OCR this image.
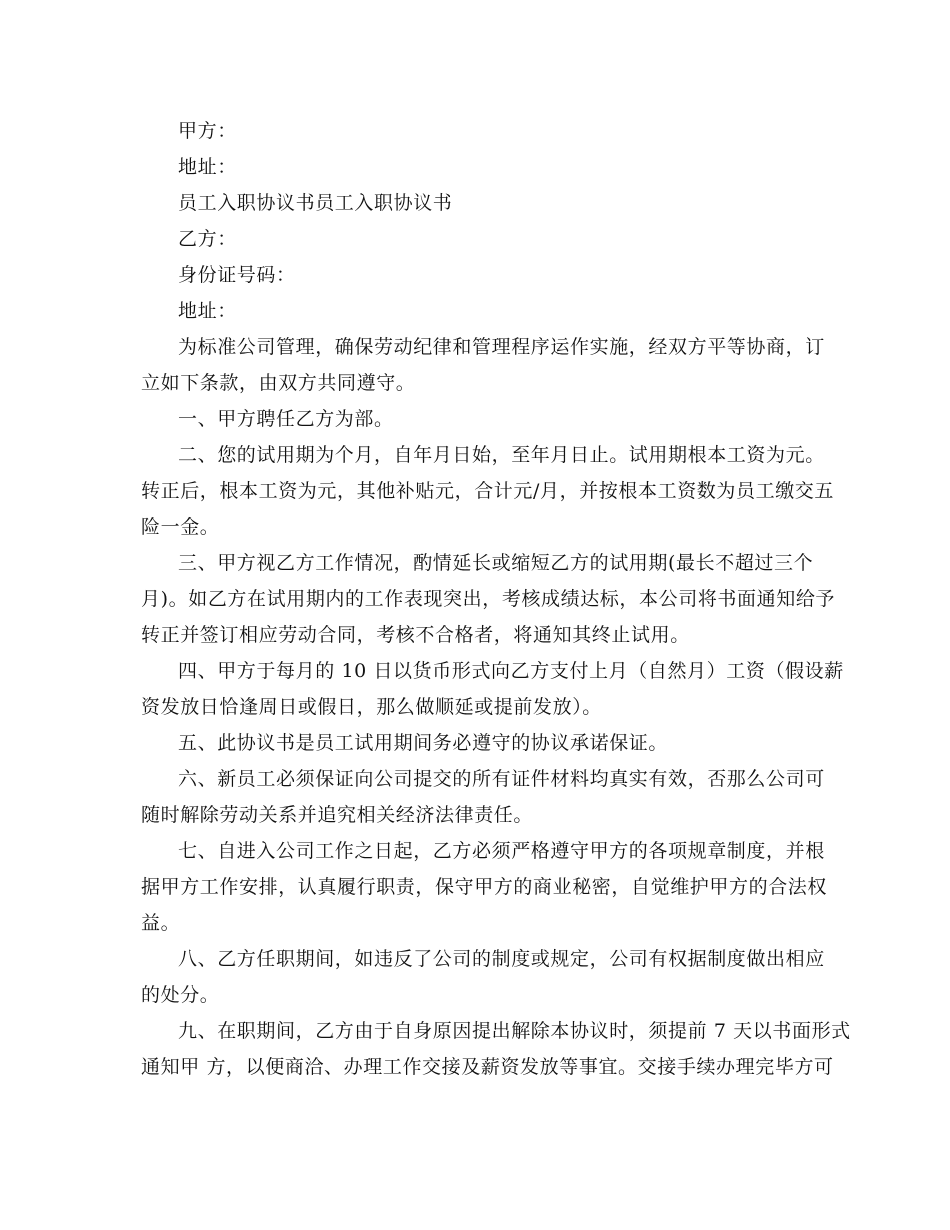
甲方：
地址：
员工入职协议书员工入职协议书
乙方：
身份证号码：
地址：
为标准公司管理，确保劳动纪律和管理程序运作实施，经双方平等协商，订
立如下条款，由双方共同遵守。
一、甲方聘任乙方为部。
二、您的试用期为个月，自年月日始，至年月日止。试用期根本工资为元。
转正后，根本工资为元，其他补贴元，合计元/月，并按根本工资数为员工缴交五
险一金。
三、甲方视乙方工作情况，酌情延长或缩短乙方的试用期(最长不超过三个
月)。如乙方在试用期内的工作表现突出，考核成绩达标，本公司将书面通知给予
转正并签订相应劳动合同，考核不合格者，将通知其终止试用。
四、甲方于每月的 10 日以货币形式向乙方支付上月（自然月）工资（假设薪
资发放日恰逢周日或假日，那么做顺延或提前发放）。
五、此协议书是员工试用期间务必遵守的协议承诺保证。
六、新员工必须保证向公司提交的所有证件材料均真实有效，否那么公司可
随时解除劳动关系并追究相关经济法律责任。
七、自进入公司工作之日起，乙方必须严格遵守甲方的各项规章制度，并根
据甲方工作安排，认真履行职责，保守甲方的商业秘密，自觉维护甲方的合法权
益。
八、乙方任职期间，如违反了公司的制度或规定，公司有权据制度做出相应
的处分。
九、在职期间，乙方由于自身原因提出解除本协议时，须提前 7 天以书面形式
通知甲 方，以便商洽、办理工作交接及薪资发放等事宜。交接手续办理完毕方可
